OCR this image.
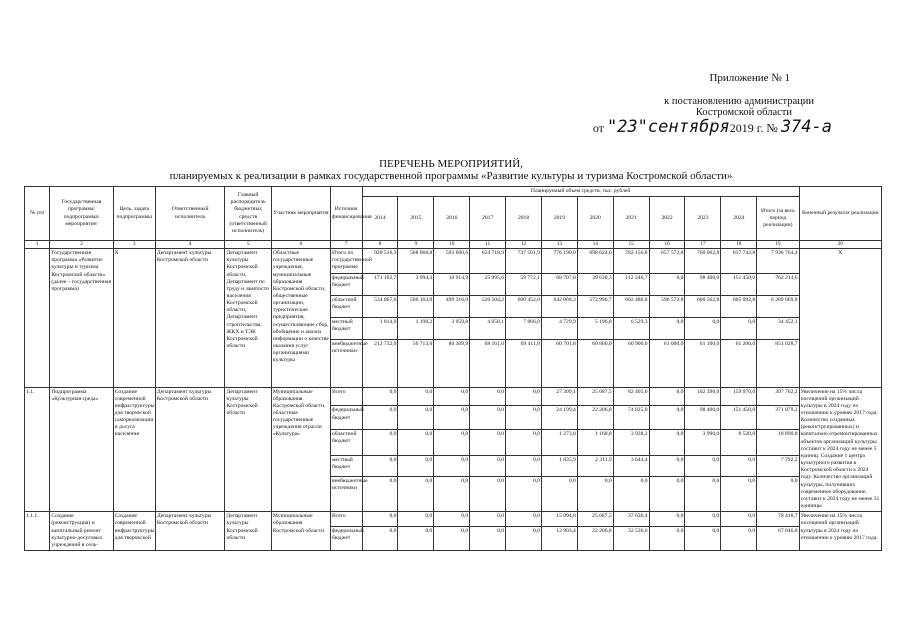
Приложение № 1
к постановлению администрации
Костромской области
от "23"сентября2019 г. № 374-а
ПЕРЕЧЕНЬ МЕРОПРИЯТИЙ,
планируемых к реализации в рамках государственной программы «Развитие культуры и туризма Костромской области»
№ п/п	Государственная программа/подпрограмма/ мероприятие/	Цель, задача подпрограммы	Ответственный исполнитель	Главный распорядитель бюджетных средств (ответственный исполнитель)	Участник мероприятия	Источник финансирования	Планируемый объем средств, тыс. рублей												Конечный результат реализации
							2014	2015	2016	2017	2018	2019	2020	2021	2022	2023	2024	Итого (за весь период реализации)	
1	2	3	4	5	6	7	8	9	10	11	12	13	14	15	16	17	18	19	20
	Государственная программа «Развитие культуры и туризма Костромской области» (далее – государственная программа)	Х	Департамент культуры Костромской области	Департамент культуры Костромской области, Департамент по труду и занятости населения Костромской области, Департамент строительства, ЖКХ и ТЭК Костромской области	Областные государственные учреждения, муниципальные образования Костромской области, общественные организации, туристические предприятия, осуществляющие сбор, обобщение и анализ информации о качестве оказания услуг организациями культуры	Итого по государственной программе	920 516,3	568 068,8	593 600,6	624 718,9	737 501,9	776 190,0	698 624,0	782 156,8	657 572,8	760 062,8	817 742,8	7 936 764,4	Х
						федеральный бюджет	171 102,7	3 994,3	10 914,9	25 995,6	59 772,1	68 707,8	39 630,3	112 246,7	0,0	98 400,0	151 450,0	762 214,6	
						областной бюджет	534 867,6	506 163,0	499 316,0	526 504,2	600 452,0	642 068,3	572 996,7	602 480,8	596 572,8	600 562,8	605 092,8	6 289 069,8	
						местный бюджет	1 814,0	1 198,2	3 059,8	4 058,1	7 866,0	4 729,9	5 196,8	6 529,3	0,0	0,0	0,0	34 452,1	
						внебюджетные источники	212 732,0	56 713,0	80 309,9	68 161,0	69 411,8	60 701,8	60 800,0	60 900,0	61 000,0	61 100,0	61 200,0	851 028,7	
1.1.	Подпрограмма «Культурная среда»	Создание современной инфраструктуры для творческой самореализации и досуга населения	Департамент культуры Костромской области	Департамент культуры Костромской области	Муниципальные образования Костромской области, областные государственные учреждения отрасли «Культура»	Всего	0,0	0,0	0,0	0,0	0,0	27 309,1	25 687,5	82 405,6	0,0	102 390,0	159 970,0	397 762,2	Увеличение на 15% числа посещений организаций культуры в 2024 году по отношению к уровню 2017 года. Количество созданных (реконструированных) и капитально отремонтированных объектов организаций культуры составит к 2024 году не менее 5 единиц. Создание 1 центра культурного развития в Костромской области к 2024 году. Количество организаций культуры, получивших современное оборудование, составит к 2024 году не менее 31 единицы
						федеральный бюджет	0,0	0,0	0,0	0,0	0,0	24 199,4	22 206,8	74 825,0	0,0	98 400,0	151 450,0	371 079,2	
						областной бюджет	0,0	0,0	0,0	0,0	0,0	1 273,8	1 168,8	3 938,2	0,0	3 990,0	8 520,0	18 890,8	
						местный бюджет	0,0	0,0	0,0	0,0	0,0	1 835,9	2 311,9	3 644,4	0,0	0,0	0,0	7 792,2	
						внебюджетные источники	0,0	0,0	0,0	0,0	0,0	0,0	0,0	0,0	0,0	0,0	0,0	0,0	
1.1.1.	Создание (реконструкция) и капитальный ремонт культурно-досуговых учреждений в сель-	Создание современной инфраструктуры для творческой	Департамент культуры Костромской области	Департамент культуры Костромской области	Муниципальные образования Костромской области	Всего	0,0	0,0	0,0	0,0	0,0	15 094,8	25 687,5	37 636,4	0,0	0,0	0,0	78 418,7	Увеличение на 15% числа посещений организаций культуры в 2024 году по отношению к уровню 2017 года.
						федеральный бюджет	0,0	0,0	0,0	0,0	0,0	12 903,4	22 206,8	32 536,6	0,0	0,0	0,0	67 646,8	
